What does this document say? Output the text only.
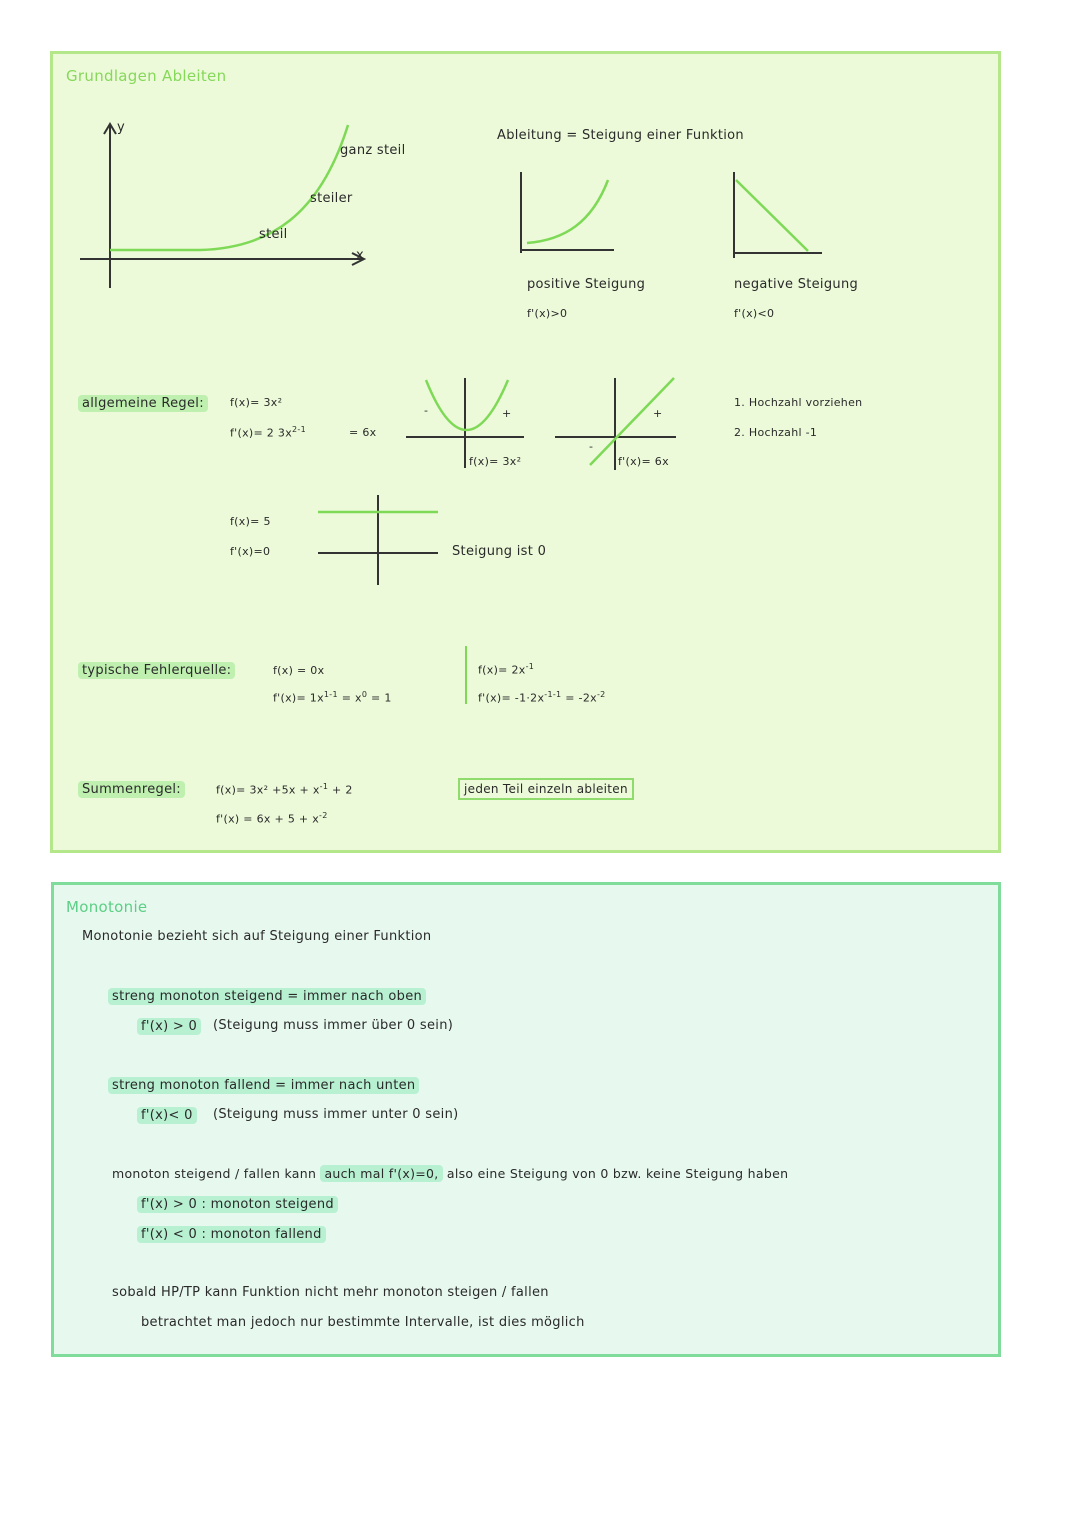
Grundlagen Ableiten
y
x
steil
steiler
ganz steil
Ableitung = Steigung einer Funktion
positive Steigung
f'(x)>0
negative Steigung
f'(x)<0
allgemeine Regel:	f(x)= 3x²
f'(x)= 2 $3x^{2-1}$	= 6x
1. Hochzahl vorziehen
2. Hochzahl -1
-	+
f(x)= 3x²
-
+
f'(x)= 6x
f(x)= 5
f'(x)=0	Steigung ist 0
typische Fehlerquelle:	f(x) = 0x
$f'(x)= 1x^{1-1} = x^0 = 1$
$f(x)= 2x^{-1}$
$f'(x)= -1\cdot 2x^{-1-1} = -2x^{-2}$
Summenregel:	$f(x)= 3x^2 +5x + x^{-1} + 2$
$f'(x) = 6x + 5 + x^{-2}$
jeden Teil einzeln ableiten
Monotonie
Monotonie bezieht sich auf Steigung einer Funktion
streng monoton steigend = immer nach oben
f'(x) > 0	(Steigung muss immer über 0 sein)
streng monoton fallend = immer nach unten
f'(x)< 0	(Steigung muss immer unter 0 sein)
monoton steigend / fallen kann auch mal f'(x)=0, also eine Steigung von 0 bzw. keine Steigung haben
f'(x) > 0 : monoton steigend
f'(x) < 0 : monoton fallend
sobald HP/TP kann Funktion nicht mehr monoton steigen / fallen
betrachtet man jedoch nur bestimmte Intervalle, ist dies möglich
